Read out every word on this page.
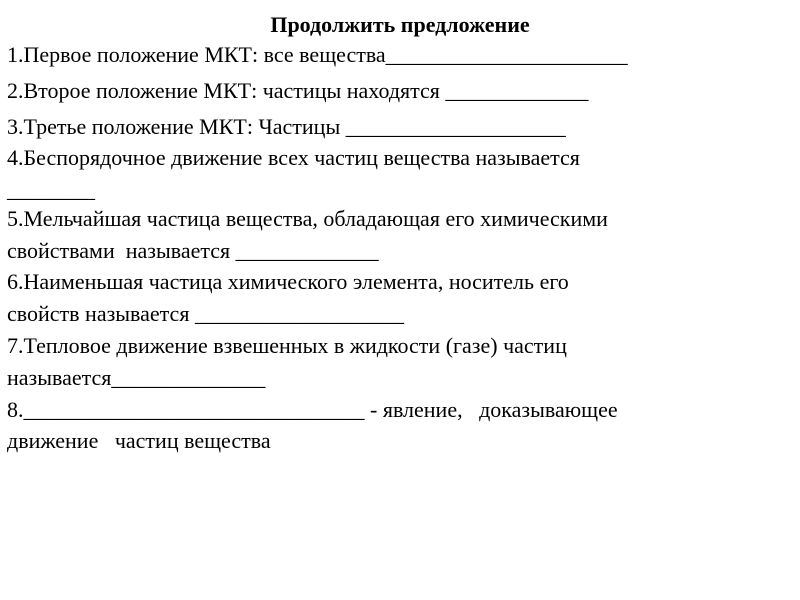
Продолжить предложение
1.Первое положение МКТ: все вещества______________________
2.Второе положение МКТ: частицы находятся _____________
3.Третье положение МКТ: Частицы ____________________
4.Беспорядочное движение всех частиц вещества называется
________
5.Мельчайшая частица вещества, обладающая его химическими
свойствами  называется _____________
6.Наименьшая частица химического элемента, носитель его
свойств называется ___________________
7.Тепловое движение взвешенных в жидкости (газе) частиц
называется______________
8._______________________________ - явление,   доказывающее
движение   частиц вещества
